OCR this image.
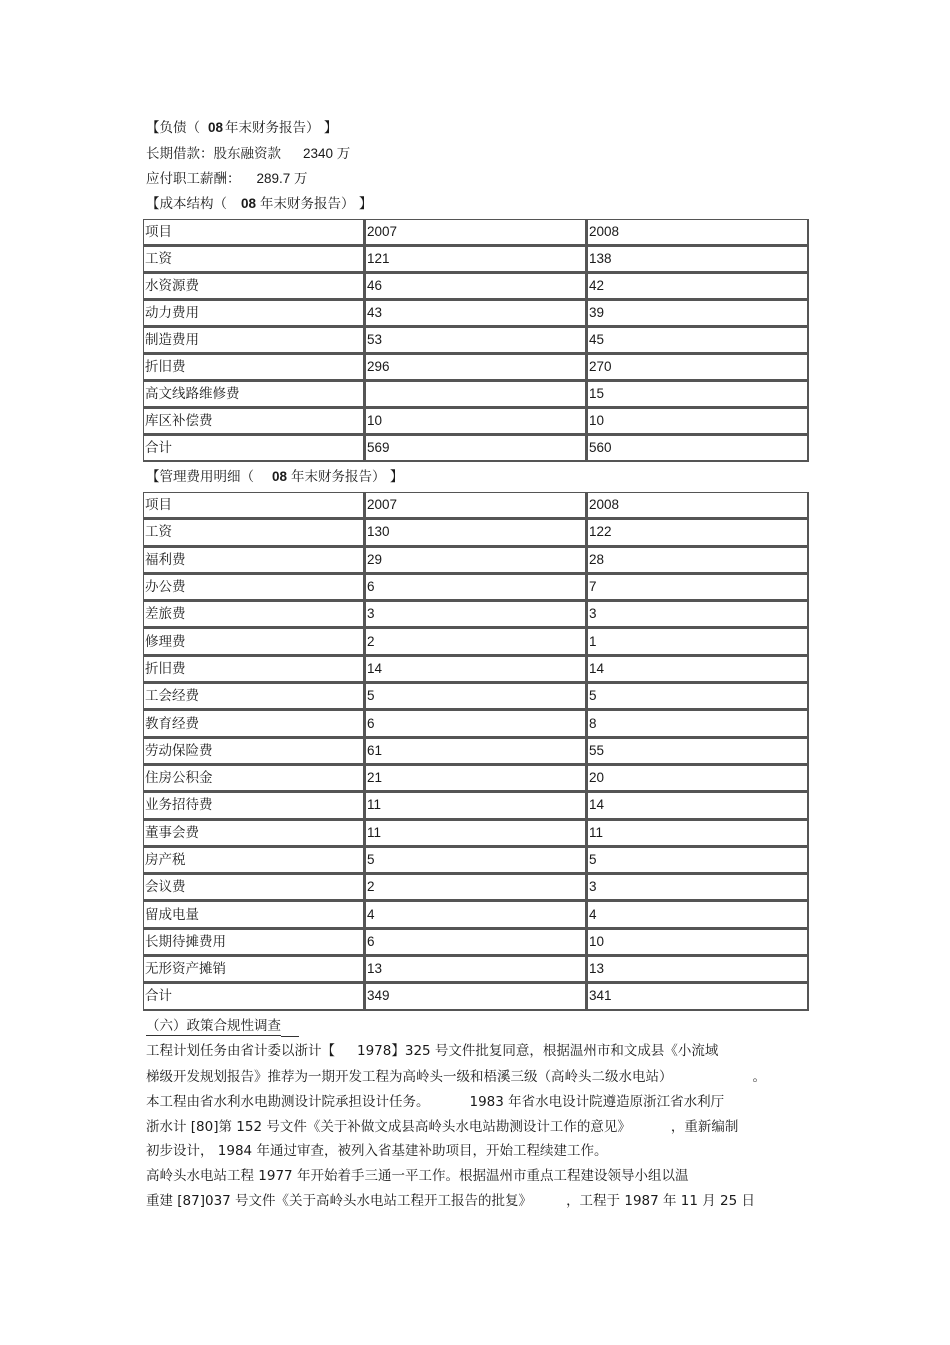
【负债（ 08 年末财务报告） 】
长期借款：股东融资款 2340 万
应付职工薪酬： 289.7 万
【成本结构（ 08 年末财务报告） 】
项目	2007	2008
工资	121	138
水资源费	46	42
动力费用	43	39
制造费用	53	45
折旧费	296	270
高文线路维修费		15
库区补偿费	10	10
合计	569	560
【管理费用明细（ 08 年末财务报告） 】
项目	2007	2008
工资	130	122
福利费	29	28
办公费	6	7
差旅费	3	3
修理费	2	1
折旧费	14	14
工会经费	5	5
教育经费	6	8
劳动保险费	61	55
住房公积金	21	20
业务招待费	11	14
董事会费	11	11
房产税	5	5
会议费	2	3
留成电量	4	4
长期待摊费用	6	10
无形资产摊销	13	13
合计	349	341
（六）政策合规性调查
工程计划任务由省计委以浙计【 1978】325 号文件批复同意，根据温州市和文成县《小流域
梯级开发规划报告》推荐为一期开发工程为高岭头一级和梧溪三级（高岭头二级水电站）	。
本工程由省水利水电勘测设计院承担设计任务。	1983 年省水电设计院遵造原浙江省水利厅
浙水计 [80]第 152 号文件《关于补做文成县高岭头水电站勘测设计工作的意见》	，重新编制
初步设计， 1984 年通过审查，被列入省基建补助项目，开始工程续建工作。
高岭头水电站工程 1977 年开始着手三通一平工作。根据温州市重点工程建设领导小组以温
重建 [87]037 号文件《关于高岭头水电站工程开工报告的批复》	，工程于 1987 年 11 月 25 日
